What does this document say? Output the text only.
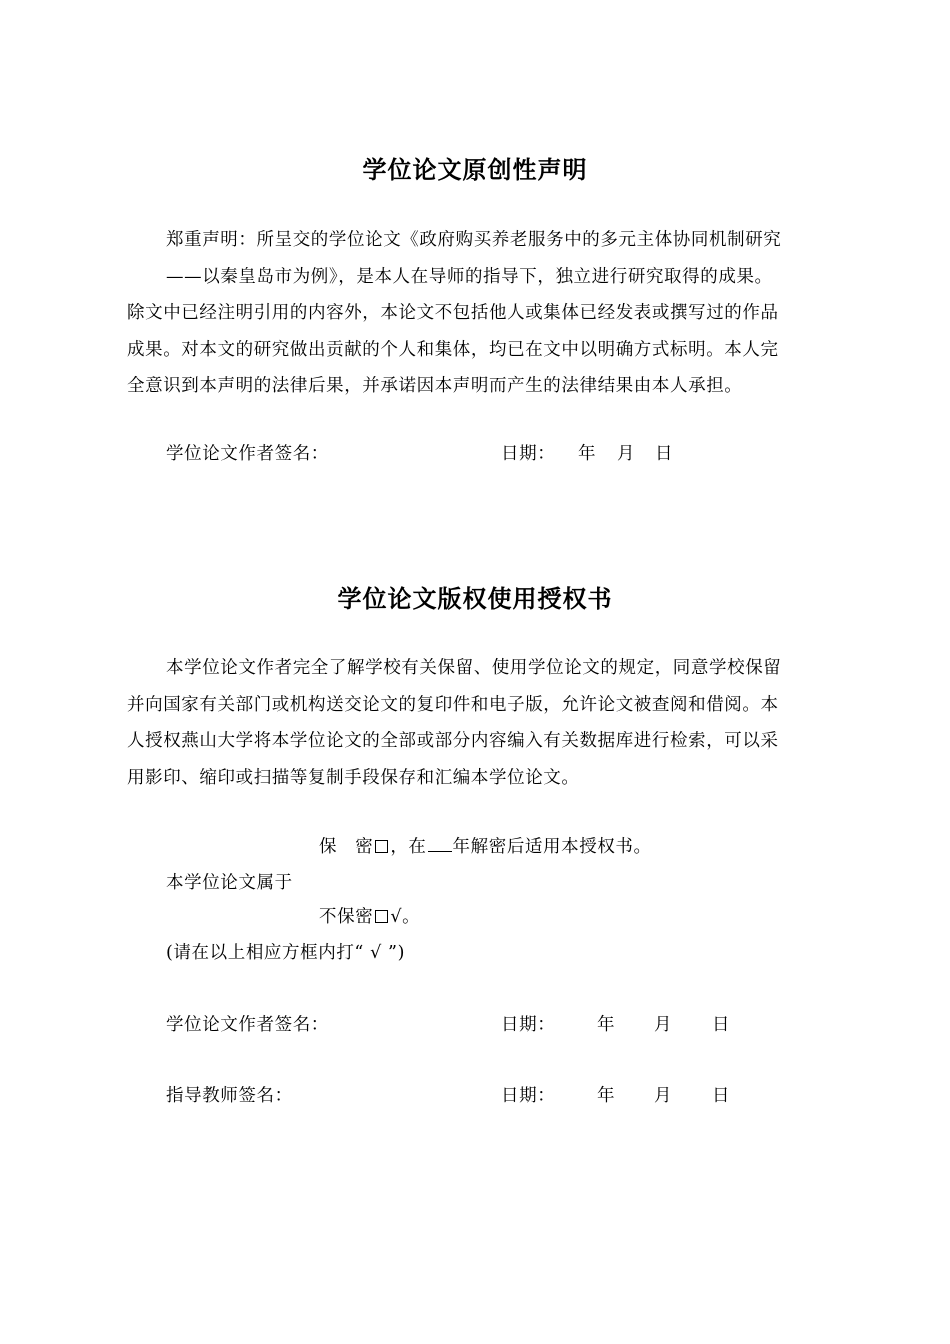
学位论文原创性声明
郑重声明：所呈交的学位论文《政府购买养老服务中的多元主体协同机制研究
——以秦皇岛市为例》，是本人在导师的指导下，独立进行研究取得的成果。
除文中已经注明引用的内容外，本论文不包括他人或集体已经发表或撰写过的作品
成果。对本文的研究做出贡献的个人和集体，均已在文中以明确方式标明。本人完
全意识到本声明的法律后果，并承诺因本声明而产生的法律结果由本人承担。
学位论文作者签名：	日期： 年 月 日
学位论文版权使用授权书
本学位论文作者完全了解学校有关保留、使用学位论文的规定，同意学校保留
并向国家有关部门或机构送交论文的复印件和电子版，允许论文被查阅和借阅。本
人授权燕山大学将本学位论文的全部或部分内容编入有关数据库进行检索，可以采
用影印、缩印或扫描等复制手段保存和汇编本学位论文。
保　密 ，在 年解密后适用本授权书。
本学位论文属于
不保密 √。
(请在以上相应方框内打“ √ ”)
学位论文作者签名：	日期： 年 月 日
指导教师签名：	日期： 年 月 日
